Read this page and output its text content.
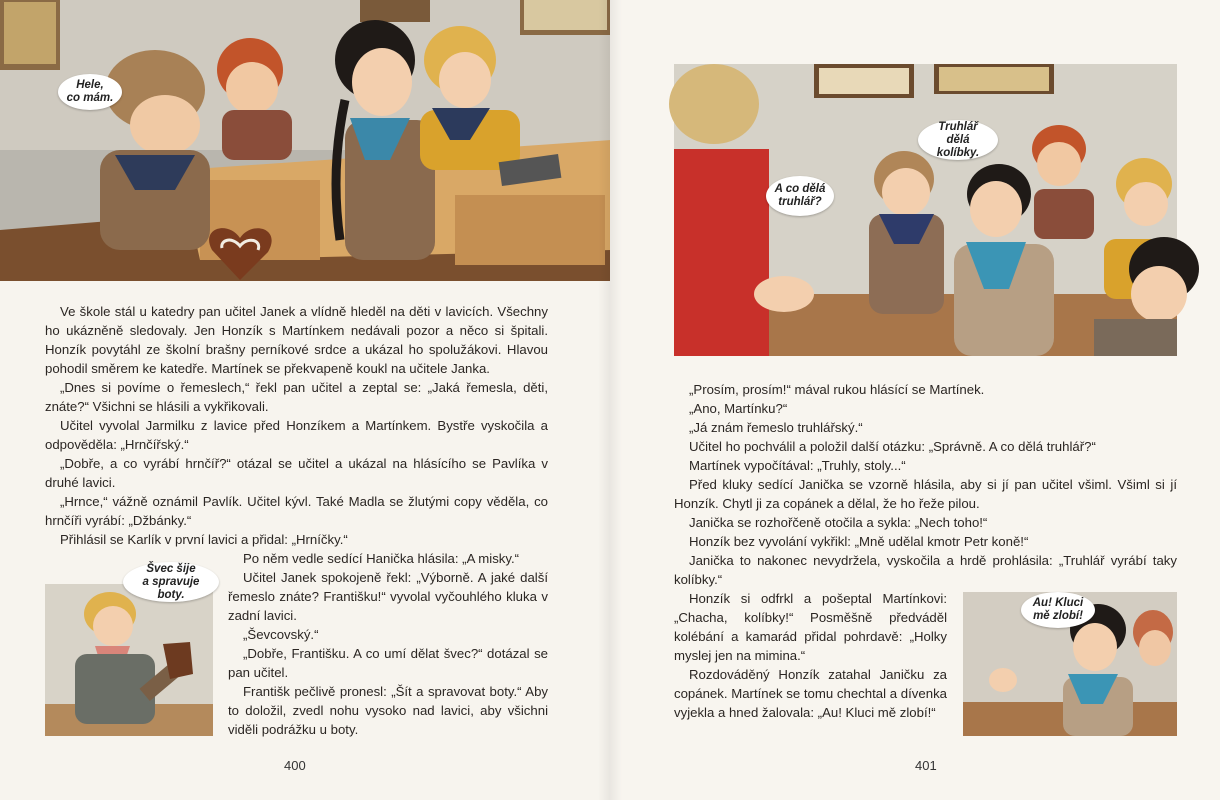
Hele,
co mám.

Ve škole stál u katedry pan učitel Janek a vlídně hleděl na děti v lavicích. Všechny ho ukázněně sledovaly. Jen Honzík s Martínkem nedávali pozor a něco si špitali. Honzík povytáhl ze školní brašny perníkové srdce a ukázal ho spolužákovi. Hlavou pohodil směrem ke katedře. Martínek se překvapeně koukl na učitele Janka.

„Dnes si povíme o řemeslech,“ řekl pan učitel a zeptal se: „Jaká řemesla, děti, znáte?“ Všichni se hlásili a vykřikovali.

Učitel vyvolal Jarmilku z lavice před Honzíkem a Martínkem. Bystře vyskočila a odpověděla: „Hrnčířský.“

„Dobře, a co vyrábí hrnčíř?“ otázal se učitel a ukázal na hlásícího se Pavlíka v druhé lavici.

„Hrnce,“ vážně oznámil Pavlík. Učitel kývl. Také Madla se žlutými copy věděla, co hrnčíři vyrábí: „Džbánky.“

Přihlásil se Karlík v první lavici a přidal: „Hrníčky.“

Švec šije
a spravuje boty.

Po něm vedle sedící Hanička hlásila: „A misky.“

Učitel Janek spokojeně řekl: „Výborně. A jaké další řemeslo znáte? Františku!“ vyvolal vyčouhlého kluka v zadní lavici.

„Ševcovský.“

„Dobře, Františku. A co umí dělat švec?“ dotázal se pan učitel.

Františk pečlivě pronesl: „Šít a spravovat boty.“ Aby to doložil, zvedl nohu vysoko nad lavici, aby všichni viděli podrážku u boty.

400
Truhlář dělá
kolíbky.
A co dělá
truhlář?

„Prosím, prosím!“ mával rukou hlásící se Martínek.

„Ano, Martínku?“

„Já znám řemeslo truhlářský.“

Učitel ho pochválil a položil další otázku: „Správně. A co dělá truhlář?“

Martínek vypočítával: „Truhly, stoly...“

Před kluky sedící Janička se vzorně hlásila, aby si jí pan učitel všiml. Všiml si jí Honzík. Chytl ji za copánek a dělal, že ho řeže pilou.

Janička se rozhořčeně otočila a sykla: „Nech toho!“

Honzík bez vyvolání vykřikl: „Mně udělal kmotr Petr koně!“

Janička to nakonec nevydržela, vyskočila a hrdě prohlásila: „Truhlář vyrábí taky kolíbky.“

Honzík si odfrkl a pošeptal Martínkovi: „Chacha, kolíbky!“ Posměšně předváděl kolébání a kamarád přidal pohrdavě: „Holky myslej jen na mimina.“

Rozdováděný Honzík zatahal Janičku za copánek. Martínek se tomu chechtal a dívenka vyjekla a hned žalovala: „Au! Kluci mě zlobí!“

Au! Kluci
mě zlobí!
401
